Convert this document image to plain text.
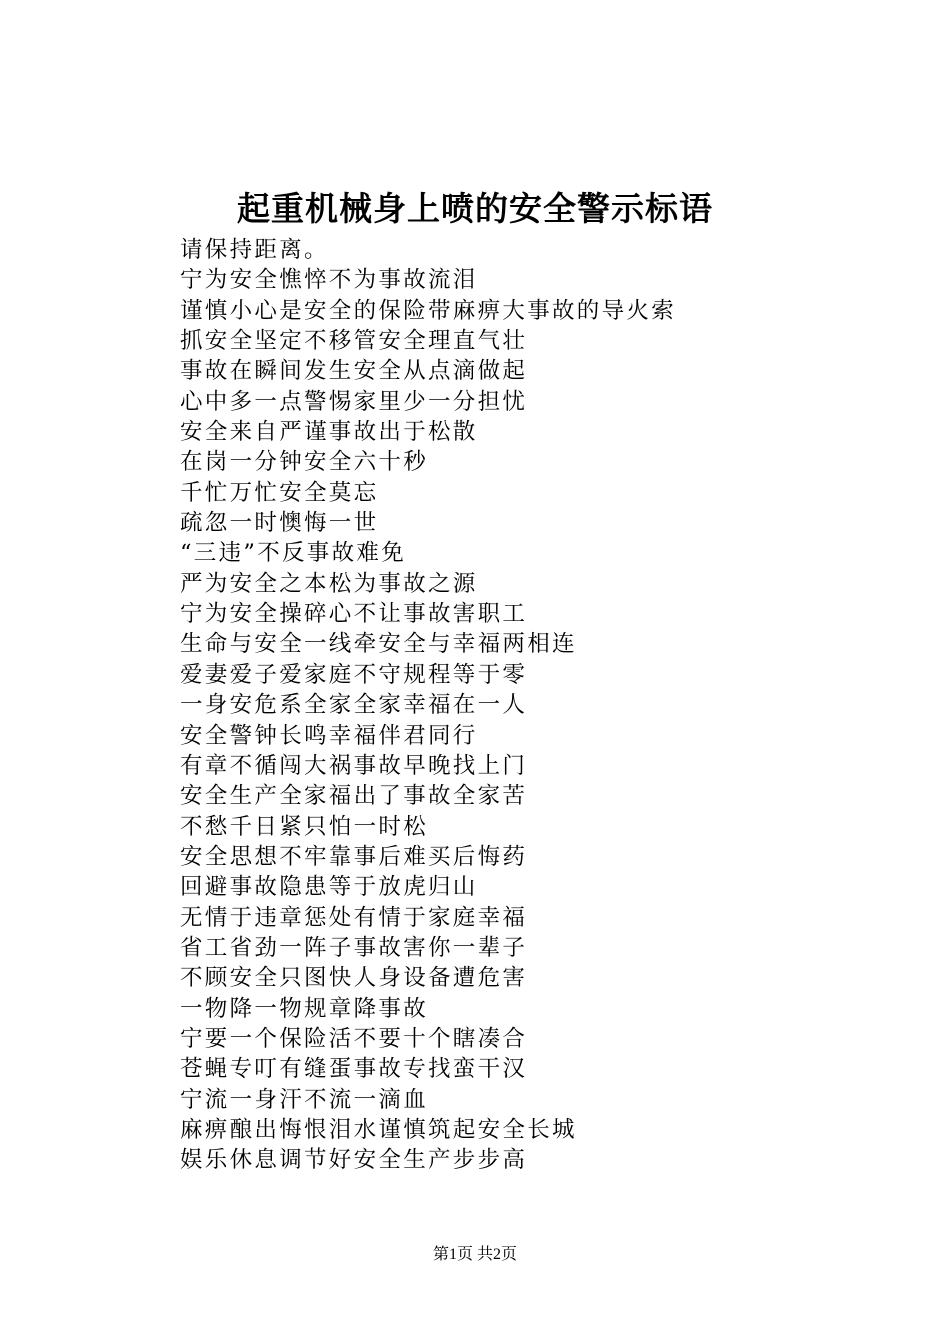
起重机械身上喷的安全警示标语
请保持距离。
宁为安全憔悴不为事故流泪
谨慎小心是安全的保险带麻痹大事故的导火索
抓安全坚定不移管安全理直气壮
事故在瞬间发生安全从点滴做起
心中多一点警惕家里少一分担忧
安全来自严谨事故出于松散
在岗一分钟安全六十秒
千忙万忙安全莫忘
疏忽一时懊悔一世
“三违”不反事故难免
严为安全之本松为事故之源
宁为安全操碎心不让事故害职工
生命与安全一线牵安全与幸福两相连
爱妻爱子爱家庭不守规程等于零
一身安危系全家全家幸福在一人
安全警钟长鸣幸福伴君同行
有章不循闯大祸事故早晚找上门
安全生产全家福出了事故全家苦
不愁千日紧只怕一时松
安全思想不牢靠事后难买后悔药
回避事故隐患等于放虎归山
无情于违章惩处有情于家庭幸福
省工省劲一阵子事故害你一辈子
不顾安全只图快人身设备遭危害
一物降一物规章降事故
宁要一个保险活不要十个瞎凑合
苍蝇专叮有缝蛋事故专找蛮干汉
宁流一身汗不流一滴血
麻痹酿出悔恨泪水谨慎筑起安全长城
娱乐休息调节好安全生产步步高
第1页 共2页
